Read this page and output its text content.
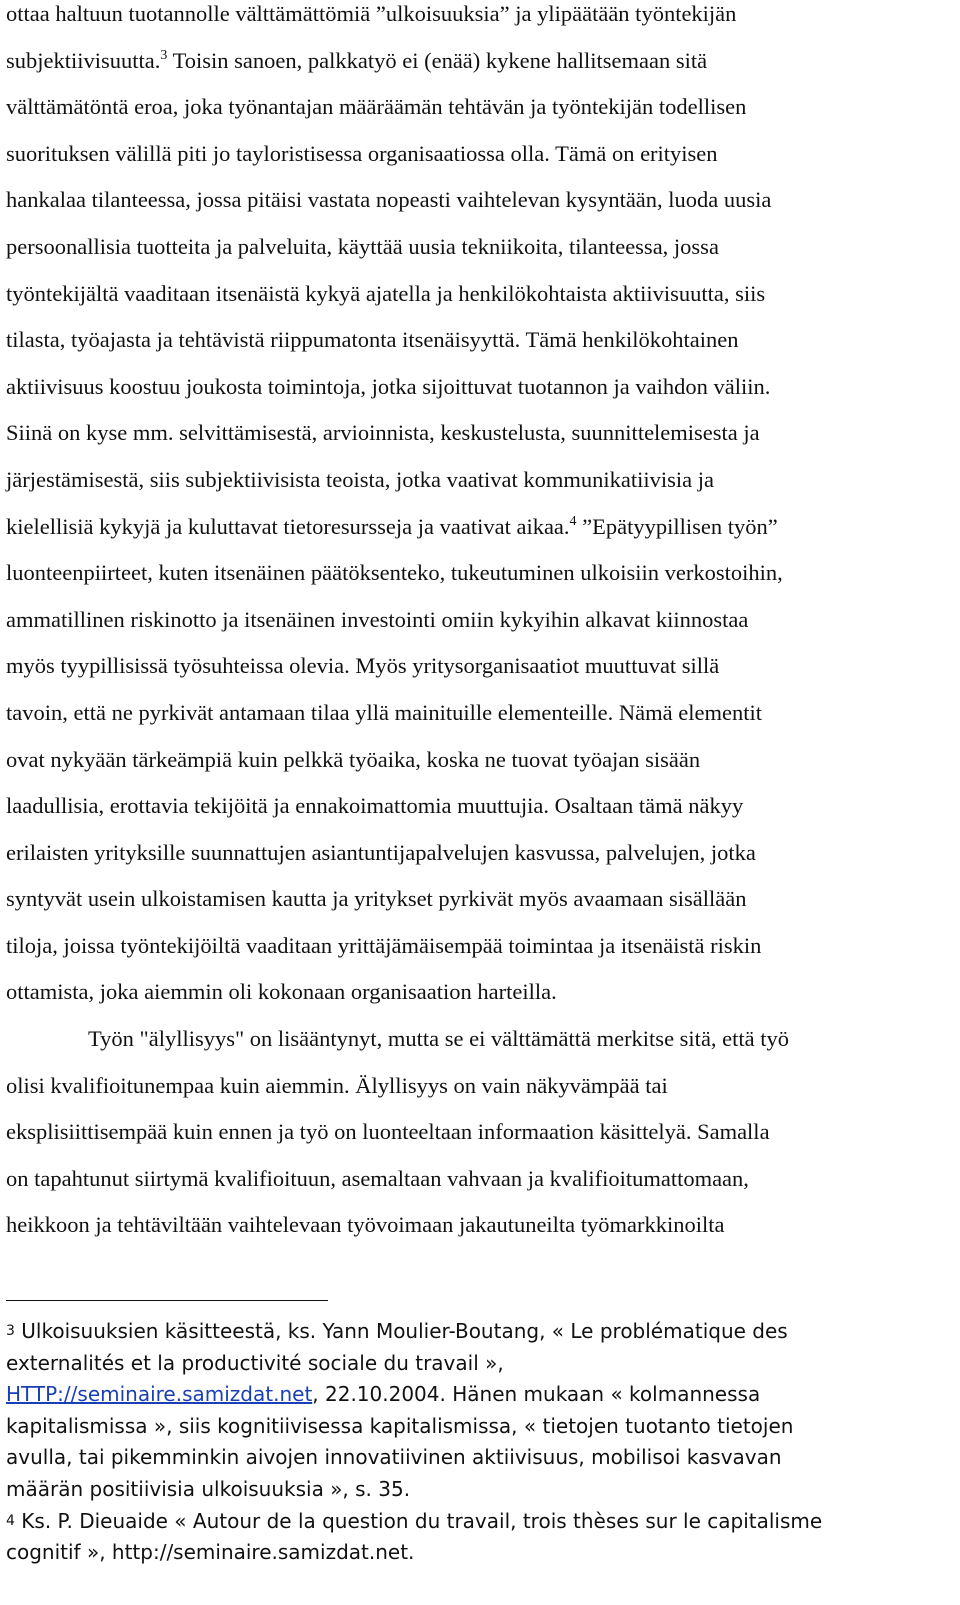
ottaa haltuun tuotannolle välttämättömiä ”ulkoisuuksia” ja ylipäätään työntekijän
subjektiivisuutta.$^3$ Toisin sanoen, palkkatyö ei (enää) kykene hallitsemaan sitä
välttämätöntä eroa, joka työnantajan määräämän tehtävän ja työntekijän todellisen
suorituksen välillä piti jo tayloristisessa organisaatiossa olla. Tämä on erityisen
hankalaa tilanteessa, jossa pitäisi vastata nopeasti vaihtelevan kysyntään, luoda uusia
persoonallisia tuotteita ja palveluita, käyttää uusia tekniikoita, tilanteessa, jossa
työntekijältä vaaditaan itsenäistä kykyä ajatella ja henkilökohtaista aktiivisuutta, siis
tilasta, työajasta ja tehtävistä riippumatonta itsenäisyyttä. Tämä henkilökohtainen
aktiivisuus koostuu joukosta toimintoja, jotka sijoittuvat tuotannon ja vaihdon väliin.
Siinä on kyse mm. selvittämisestä, arvioinnista, keskustelusta, suunnittelemisesta ja
järjestämisestä, siis subjektiivisista teoista, jotka vaativat kommunikatiivisia ja
kielellisiä kykyjä ja kuluttavat tietoresursseja ja vaativat aikaa.$^4$ ”Epätyypillisen työn”
luonteenpiirteet, kuten itsenäinen päätöksenteko, tukeutuminen ulkoisiin verkostoihin,
ammatillinen riskinotto ja itsenäinen investointi omiin kykyihin alkavat kiinnostaa
myös tyypillisissä työsuhteissa olevia. Myös yritysorganisaatiot muuttuvat sillä
tavoin, että ne pyrkivät antamaan tilaa yllä mainituille elementeille. Nämä elementit
ovat nykyään tärkeämpiä kuin pelkkä työaika, koska ne tuovat työajan sisään
laadullisia, erottavia tekijöitä ja ennakoimattomia muuttujia. Osaltaan tämä näkyy
erilaisten yrityksille suunnattujen asiantuntijapalvelujen kasvussa, palvelujen, jotka
syntyvät usein ulkoistamisen kautta ja yritykset pyrkivät myös avaamaan sisällään
tiloja, joissa työntekijöiltä vaaditaan yrittäjämäisempää toimintaa ja itsenäistä riskin
ottamista, joka aiemmin oli kokonaan organisaation harteilla.
Työn "älyllisyys" on lisääntynyt, mutta se ei välttämättä merkitse sitä, että työ
olisi kvalifioitunempaa kuin aiemmin. Älyllisyys on vain näkyvämpää tai
eksplisiittisempää kuin ennen ja työ on luonteeltaan informaation käsittelyä. Samalla
on tapahtunut siirtymä kvalifioituun, asemaltaan vahvaan ja kvalifioitumattomaan,
heikkoon ja tehtäviltään vaihtelevaan työvoimaan jakautuneilta työmarkkinoilta
3 Ulkoisuuksien käsitteestä, ks. Yann Moulier-Boutang, « Le problématique des
externalités et la productivité sociale du travail »,
HTTP://seminaire.samizdat.net, 22.10.2004. Hänen mukaan « kolmannessa
kapitalismissa », siis kognitiivisessa kapitalismissa, « tietojen tuotanto tietojen
avulla, tai pikemminkin aivojen innovatiivinen aktiivisuus, mobilisoi kasvavan
määrän positiivisia ulkoisuuksia », s. 35.
4 Ks. P. Dieuaide « Autour de la question du travail, trois thèses sur le capitalisme
cognitif », http://seminaire.samizdat.net.
